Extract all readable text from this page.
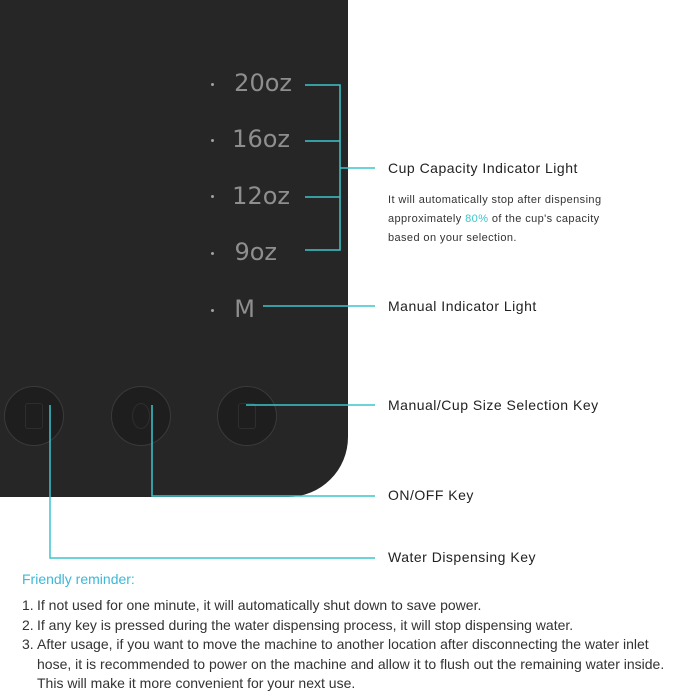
20oz
16oz
12oz
9oz
M
Cup Capacity Indicator Light
It will automatically stop after dispensing approximately 80% of the cup's capacity based on your selection.
Manual Indicator Light
Manual/Cup Size Selection Key
ON/OFF Key
Water Dispensing Key
Friendly reminder:
1. If not used for one minute, it will automatically shut down to save power.
2. If any key is pressed during the water dispensing process, it will stop dispensing water.
3. After usage, if you want to move the machine to another location after disconnecting the water inlet hose, it is recommended to power on the machine and allow it to flush out the remaining water inside. This will make it more convenient for your next use.
